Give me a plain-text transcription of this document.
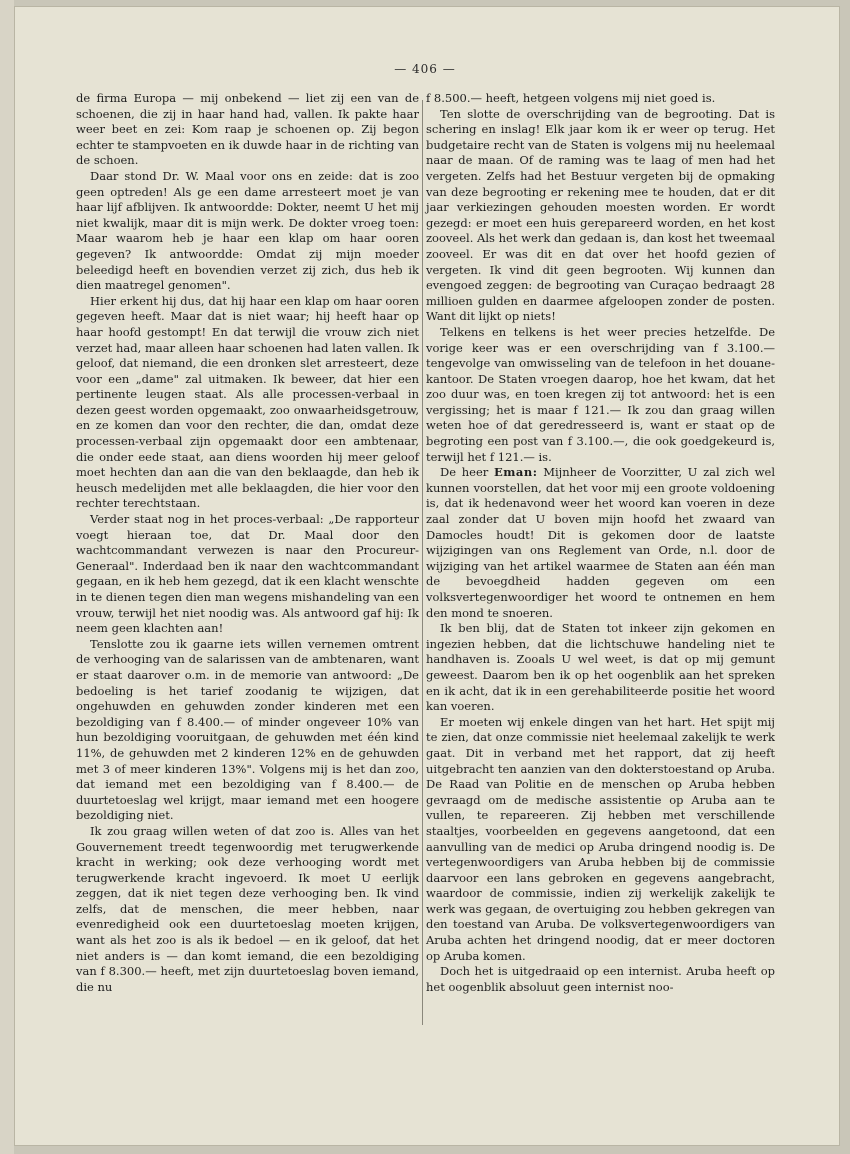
— 406 —

de firma Europa — mij onbekend — liet zij een van de schoenen, die zij in haar hand had, vallen. Ik pakte haar weer beet en zei: Kom raap je schoenen op. Zij begon echter te stampvoeten en ik duwde haar in de richting van de schoen.

Daar stond Dr. W. Maal voor ons en zeide: dat is zoo geen optreden! Als ge een dame arresteert moet je van haar lijf afblijven. Ik antwoordde: Dokter, neemt U het mij niet kwalijk, maar dit is mijn werk. De dokter vroeg toen: Maar waarom heb je haar een klap om haar ooren gegeven? Ik antwoordde: Omdat zij mijn moeder beleedigd heeft en bovendien verzet zij zich, dus heb ik dien maatregel genomen".

Hier erkent hij dus, dat hij haar een klap om haar ooren gegeven heeft. Maar dat is niet waar; hij heeft haar op haar hoofd gestompt! En dat terwijl die vrouw zich niet verzet had, maar alleen haar schoenen had laten vallen. Ik geloof, dat niemand, die een dronken slet arresteert, deze voor een „dame" zal uitmaken. Ik beweer, dat hier een pertinente leugen staat. Als alle processen-verbaal in dezen geest worden opgemaakt, zoo onwaarheidsgetrouw, en ze komen dan voor den rechter, die dan, omdat deze processen-verbaal zijn opgemaakt door een ambtenaar, die onder eede staat, aan diens woorden hij meer geloof moet hechten dan aan die van den beklaagde, dan heb ik heusch medelijden met alle beklaagden, die hier voor den rechter terechtstaan.

Verder staat nog in het proces-verbaal: „De rapporteur voegt hieraan toe, dat Dr. Maal door den wachtcommandant verwezen is naar den Procureur-Generaal". Inderdaad ben ik naar den wachtcommandant gegaan, en ik heb hem gezegd, dat ik een klacht wenschte in te dienen tegen dien man wegens mishandeling van een vrouw, terwijl het niet noodig was. Als antwoord gaf hij: Ik neem geen klachten aan!

Tenslotte zou ik gaarne iets willen vernemen omtrent de verhooging van de salarissen van de ambtenaren, want er staat daarover o.m. in de memorie van antwoord: „De bedoeling is het tarief zoodanig te wijzigen, dat ongehuwden en gehuwden zonder kinderen met een bezoldiging van f 8.400.— of minder ongeveer 10% van hun bezoldiging vooruitgaan, de gehuwden met één kind 11%, de gehuwden met 2 kinderen 12% en de gehuwden met 3 of meer kinderen 13%". Volgens mij is het dan zoo, dat iemand met een bezoldiging van f 8.400.— de duurtetoeslag wel krijgt, maar iemand met een hoogere bezoldiging niet.

Ik zou graag willen weten of dat zoo is. Alles van het Gouvernement treedt tegenwoordig met terugwerkende kracht in werking; ook deze verhooging wordt met terugwerkende kracht ingevoerd. Ik moet U eerlijk zeggen, dat ik niet tegen deze verhooging ben. Ik vind zelfs, dat de menschen, die meer hebben, naar evenredigheid ook een duurtetoeslag moeten krijgen, want als het zoo is als ik bedoel — en ik geloof, dat het niet anders is — dan komt iemand, die een bezoldiging van f 8.300.— heeft, met zijn duurtetoeslag boven iemand, die nu

f 8.500.— heeft, hetgeen volgens mij niet goed is.

Ten slotte de overschrijding van de begrooting. Dat is schering en inslag! Elk jaar kom ik er weer op terug. Het budgetaire recht van de Staten is volgens mij nu heelemaal naar de maan. Of de raming was te laag of men had het vergeten. Zelfs had het Bestuur vergeten bij de opmaking van deze begrooting er rekening mee te houden, dat er dit jaar verkiezingen gehouden moesten worden. Er wordt gezegd: er moet een huis gerepareerd worden, en het kost zooveel. Als het werk dan gedaan is, dan kost het tweemaal zooveel. Er was dit en dat over het hoofd gezien of vergeten. Ik vind dit geen begrooten. Wij kunnen dan evengoed zeggen: de begrooting van Curaçao bedraagt 28 millioen gulden en daarmee afgeloopen zonder de posten. Want dit lijkt op niets!

Telkens en telkens is het weer precies hetzelfde. De vorige keer was er een overschrijding van f 3.100.— tengevolge van omwisseling van de telefoon in het douane-kantoor. De Staten vroegen daarop, hoe het kwam, dat het zoo duur was, en toen kregen zij tot antwoord: het is een vergissing; het is maar f 121.— Ik zou dan graag willen weten hoe of dat geredresseerd is, want er staat op de begroting een post van f 3.100.—, die ook goedgekeurd is, terwijl het f 121.— is.

De heer Eman: Mijnheer de Voorzitter, U zal zich wel kunnen voorstellen, dat het voor mij een groote voldoening is, dat ik hedenavond weer het woord kan voeren in deze zaal zonder dat U boven mijn hoofd het zwaard van Damocles houdt! Dit is gekomen door de laatste wijzigingen van ons Reglement van Orde, n.l. door de wijziging van het artikel waarmee de Staten aan één man de bevoegdheid hadden gegeven om een volksvertegenwoordiger het woord te ontnemen en hem den mond te snoeren.

Ik ben blij, dat de Staten tot inkeer zijn gekomen en ingezien hebben, dat die lichtschuwe handeling niet te handhaven is. Zooals U wel weet, is dat op mij gemunt geweest. Daarom ben ik op het oogenblik aan het spreken en ik acht, dat ik in een gerehabiliteerde positie het woord kan voeren.

Er moeten wij enkele dingen van het hart. Het spijt mij te zien, dat onze commissie niet heelemaal zakelijk te werk gaat. Dit in verband met het rapport, dat zij heeft uitgebracht ten aanzien van den dokterstoestand op Aruba. De Raad van Politie en de menschen op Aruba hebben gevraagd om de medische assistentie op Aruba aan te vullen, te repareeren. Zij hebben met verschillende staaltjes, voorbeelden en gegevens aangetoond, dat een aanvulling van de medici op Aruba dringend noodig is. De vertegenwoordigers van Aruba hebben bij de commissie daarvoor een lans gebroken en gegevens aangebracht, waardoor de commissie, indien zij werkelijk zakelijk te werk was gegaan, de overtuiging zou hebben gekregen van den toestand van Aruba. De volksvertegenwoordigers van Aruba achten het dringend noodig, dat er meer doctoren op Aruba komen.

Doch het is uitgedraaid op een internist. Aruba heeft op het oogenblik absoluut geen internist noo-
